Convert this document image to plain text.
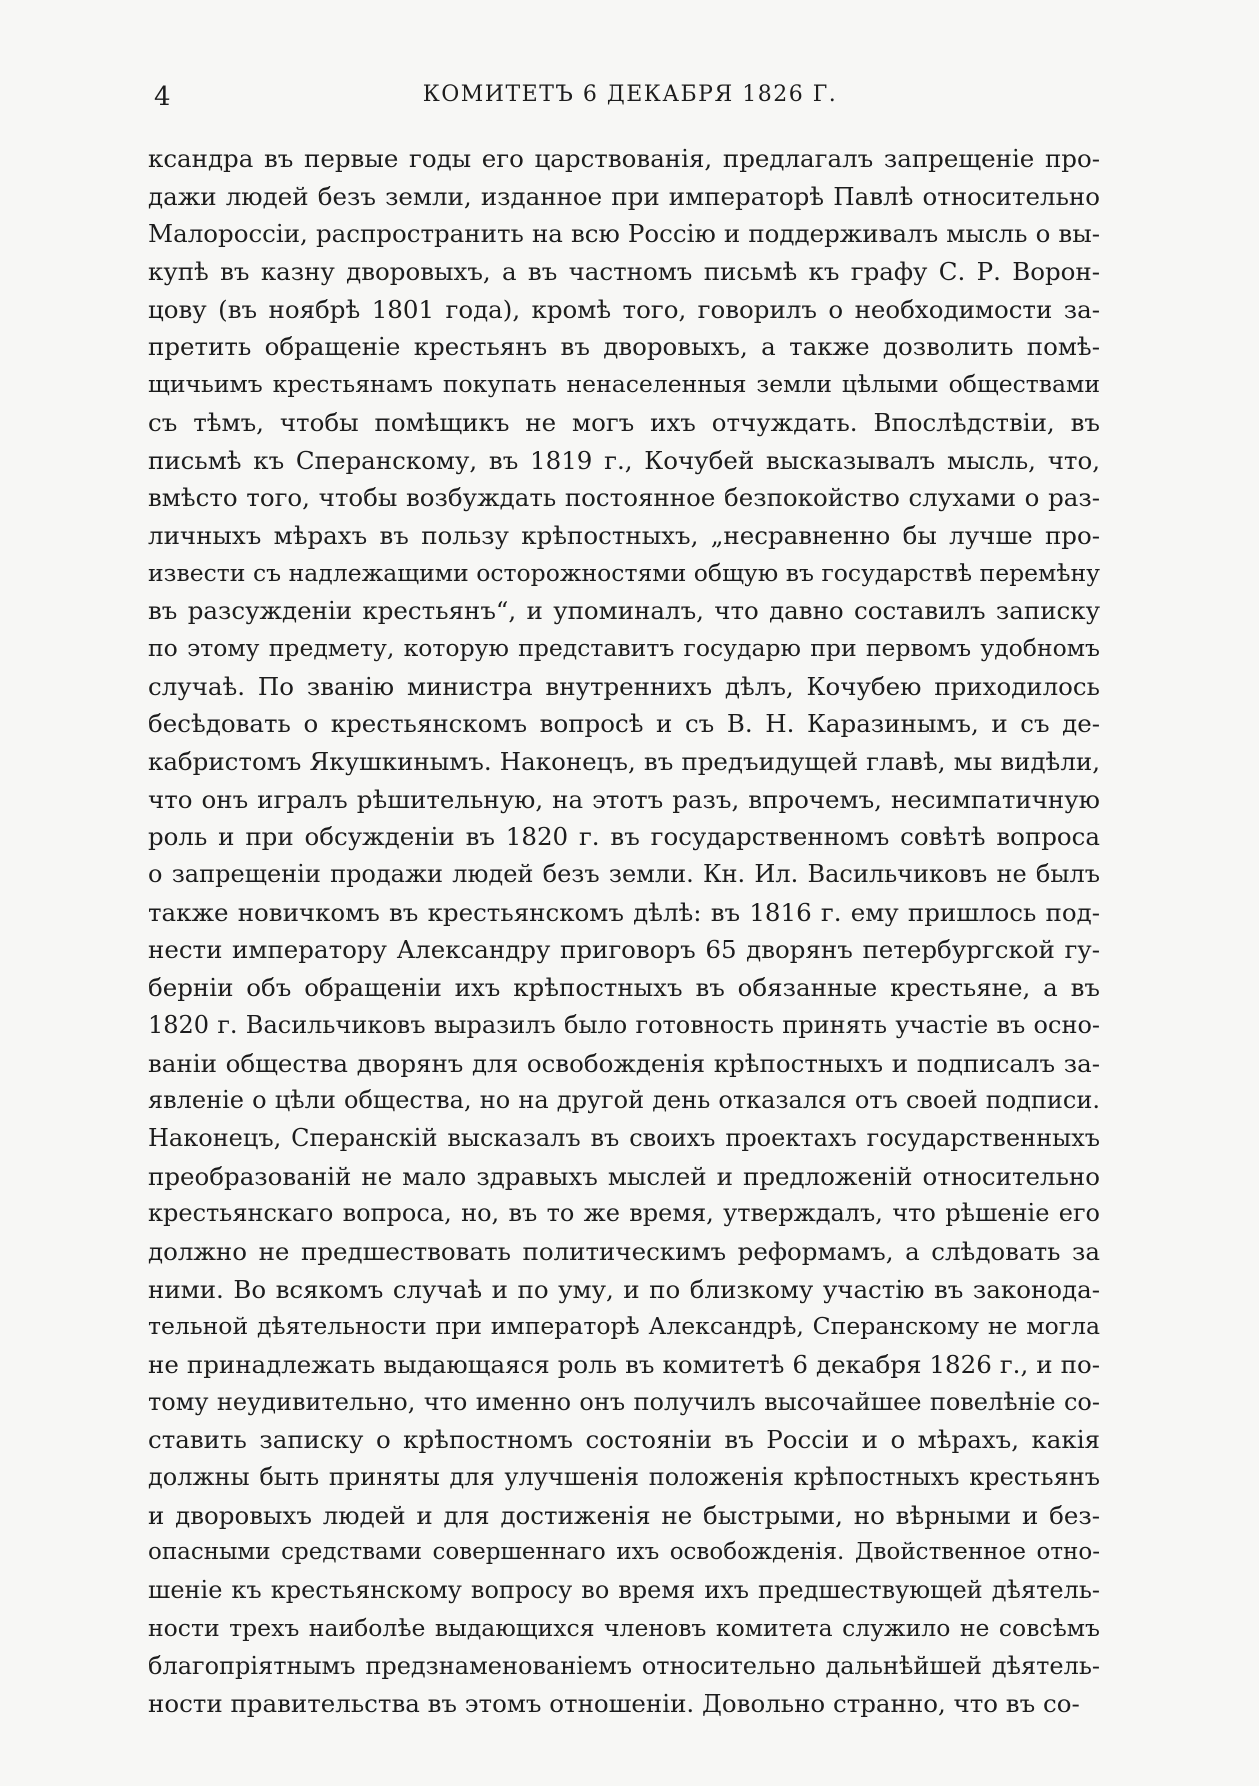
4	КОМИТЕТЪ 6 ДЕКАБРЯ 1826 Г.
ксандра въ первые годы его царствованія, предлагалъ запрещеніе про-
дажи людей безъ земли, изданное при императорѣ Павлѣ относительно
Малороссіи, распространить на всю Россію и поддерживалъ мысль о вы-
купѣ въ казну дворовыхъ, а въ частномъ письмѣ къ графу С. Р. Ворон-
цову (въ ноябрѣ 1801 года), кромѣ того, говорилъ о необходимости за-
претить обращеніе крестьянъ въ дворовыхъ, а также дозволить помѣ-
щичьимъ крестьянамъ покупать ненаселенныя земли цѣлыми обществами
съ тѣмъ, чтобы помѣщикъ не могъ ихъ отчуждать. Впослѣдствіи, въ
письмѣ къ Сперанскому, въ 1819 г., Кочубей высказывалъ мысль, что,
вмѣсто того, чтобы возбуждать постоянное безпокойство слухами о раз-
личныхъ мѣрахъ въ пользу крѣпостныхъ, „несравненно бы лучше про-
извести съ надлежащими осторожностями общую въ государствѣ перемѣну
въ разсужденіи крестьянъ“, и упоминалъ, что давно составилъ записку
по этому предмету, которую представитъ государю при первомъ удобномъ
случаѣ. По званію министра внутреннихъ дѣлъ, Кочубею приходилось
бесѣдовать о крестьянскомъ вопросѣ и съ В. Н. Каразинымъ, и съ де-
кабристомъ Якушкинымъ. Наконецъ, въ предъидущей главѣ, мы видѣли,
что онъ игралъ рѣшительную, на этотъ разъ, впрочемъ, несимпатичную
роль и при обсужденіи въ 1820 г. въ государственномъ совѣтѣ вопроса
о запрещеніи продажи людей безъ земли. Кн. Ил. Васильчиковъ не былъ
также новичкомъ въ крестьянскомъ дѣлѣ: въ 1816 г. ему пришлось под-
нести императору Александру приговоръ 65 дворянъ петербургской гу-
берніи объ обращеніи ихъ крѣпостныхъ въ обязанные крестьяне, а въ
1820 г. Васильчиковъ выразилъ было готовность принять участіе въ осно-
ваніи общества дворянъ для освобожденія крѣпостныхъ и подписалъ за-
явленіе о цѣли общества, но на другой день отказался отъ своей подписи.
Наконецъ, Сперанскій высказалъ въ своихъ проектахъ государственныхъ
преобразованій не мало здравыхъ мыслей и предложеній относительно
крестьянскаго вопроса, но, въ то же время, утверждалъ, что рѣшеніе его
должно не предшествовать политическимъ реформамъ, а слѣдовать за
ними. Во всякомъ случаѣ и по уму, и по близкому участію въ законода-
тельной дѣятельности при императорѣ Александрѣ, Сперанскому не могла
не принадлежать выдающаяся роль въ комитетѣ 6 декабря 1826 г., и по-
тому неудивительно, что именно онъ получилъ высочайшее повелѣніе со-
ставить записку о крѣпостномъ состояніи въ Россіи и о мѣрахъ, какія
должны быть приняты для улучшенія положенія крѣпостныхъ крестьянъ
и дворовыхъ людей и для достиженія не быстрыми, но вѣрными и без-
опасными средствами совершеннаго ихъ освобожденія. Двойственное отно-
шеніе къ крестьянскому вопросу во время ихъ предшествующей дѣятель-
ности трехъ наиболѣе выдающихся членовъ комитета служило не совсѣмъ
благопріятнымъ предзнаменованіемъ относительно дальнѣйшей дѣятель-
ности правительства въ этомъ отношеніи. Довольно странно, что въ со-
